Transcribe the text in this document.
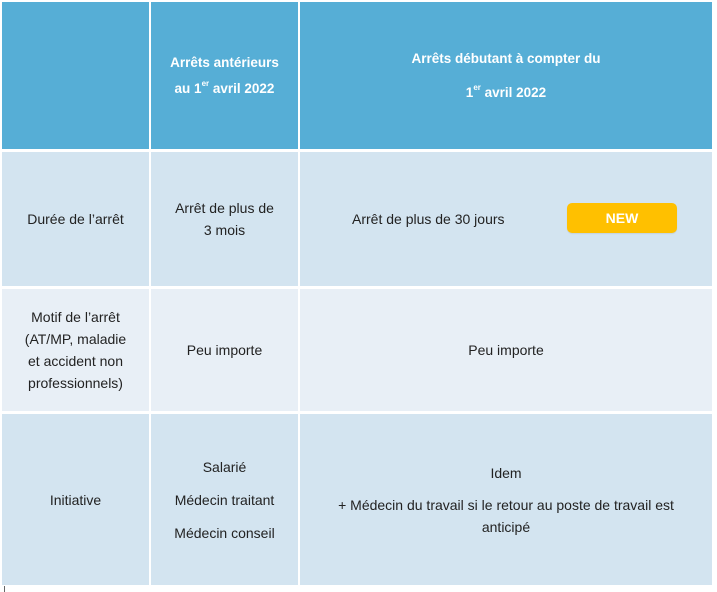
Arrêts antérieurs
au 1er avril 2022
Arrêts débutant à compter du
1er avril 2022
Durée de l’arrêt
Arrêt de plus de 3 mois
Arrêt de plus de 30 jours	NEW
Motif de l’arrêt (AT/MP, maladie et accident non professionnels)
Peu importe	Peu importe
Initiative
Salarié
Médecin traitant
Médecin conseil
Idem
+ Médecin du travail si le retour au poste de travail est anticipé
